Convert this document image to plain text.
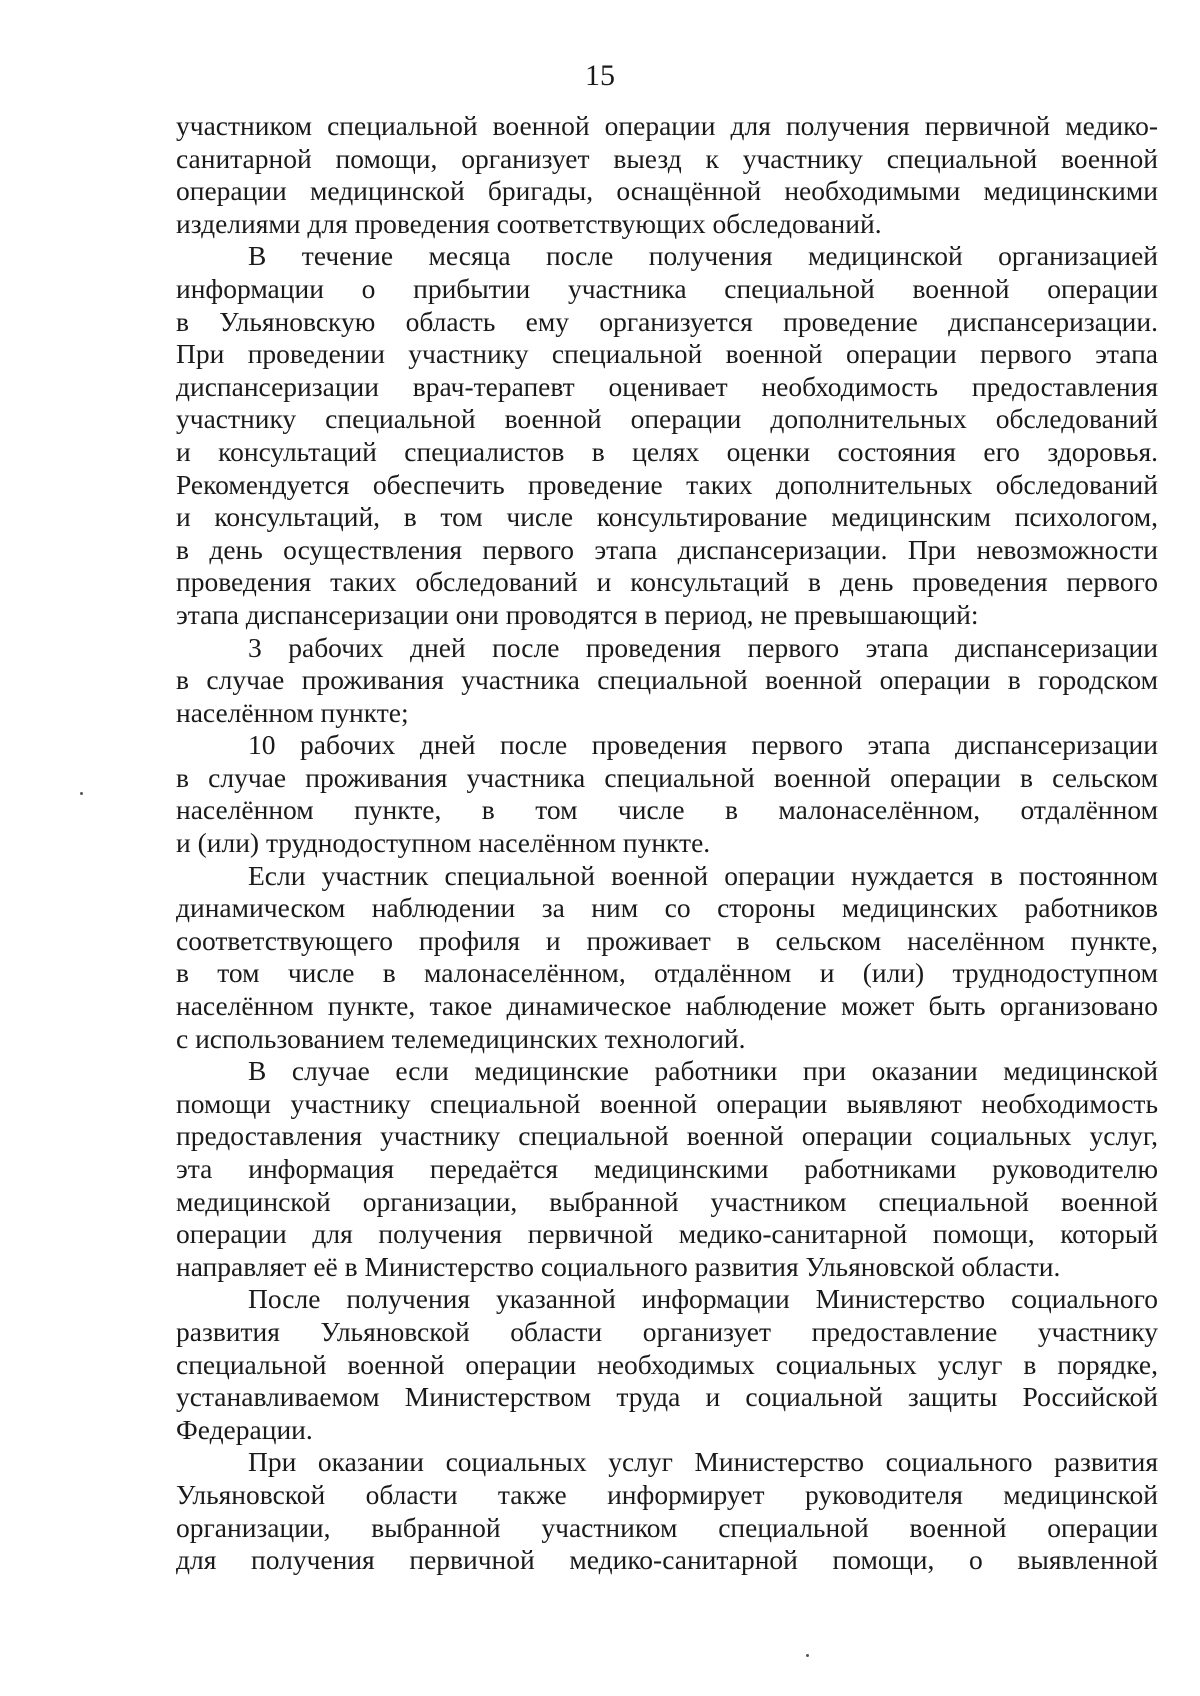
15
участником специальной военной операции для получения первичной медико-
санитарной помощи, организует выезд к участнику специальной военной
операции медицинской бригады, оснащённой необходимыми медицинскими
изделиями для проведения соответствующих обследований.
В течение месяца после получения медицинской организацией
информации о прибытии участника специальной военной операции
в Ульяновскую область ему организуется проведение диспансеризации.
При проведении участнику специальной военной операции первого этапа
диспансеризации врач-терапевт оценивает необходимость предоставления
участнику специальной военной операции дополнительных обследований
и консультаций специалистов в целях оценки состояния его здоровья.
Рекомендуется обеспечить проведение таких дополнительных обследований
и консультаций, в том числе консультирование медицинским психологом,
в день осуществления первого этапа диспансеризации. При невозможности
проведения таких обследований и консультаций в день проведения первого
этапа диспансеризации они проводятся в период, не превышающий:
3 рабочих дней после проведения первого этапа диспансеризации
в случае проживания участника специальной военной операции в городском
населённом пункте;
10 рабочих дней после проведения первого этапа диспансеризации
в случае проживания участника специальной военной операции в сельском
населённом пункте, в том числе в малонаселённом, отдалённом
и (или) труднодоступном населённом пункте.
Если участник специальной военной операции нуждается в постоянном
динамическом наблюдении за ним со стороны медицинских работников
соответствующего профиля и проживает в сельском населённом пункте,
в том числе в малонаселённом, отдалённом и (или) труднодоступном
населённом пункте, такое динамическое наблюдение может быть организовано
с использованием телемедицинских технологий.
В случае если медицинские работники при оказании медицинской
помощи участнику специальной военной операции выявляют необходимость
предоставления участнику специальной военной операции социальных услуг,
эта информация передаётся медицинскими работниками руководителю
медицинской организации, выбранной участником специальной военной
операции для получения первичной медико-санитарной помощи, который
направляет её в Министерство социального развития Ульяновской области.
После получения указанной информации Министерство социального
развития Ульяновской области организует предоставление участнику
специальной военной операции необходимых социальных услуг в порядке,
устанавливаемом Министерством труда и социальной защиты Российской
Федерации.
При оказании социальных услуг Министерство социального развития
Ульяновской области также информирует руководителя медицинской
организации, выбранной участником специальной военной операции
для получения первичной медико-санитарной помощи, о выявленной
